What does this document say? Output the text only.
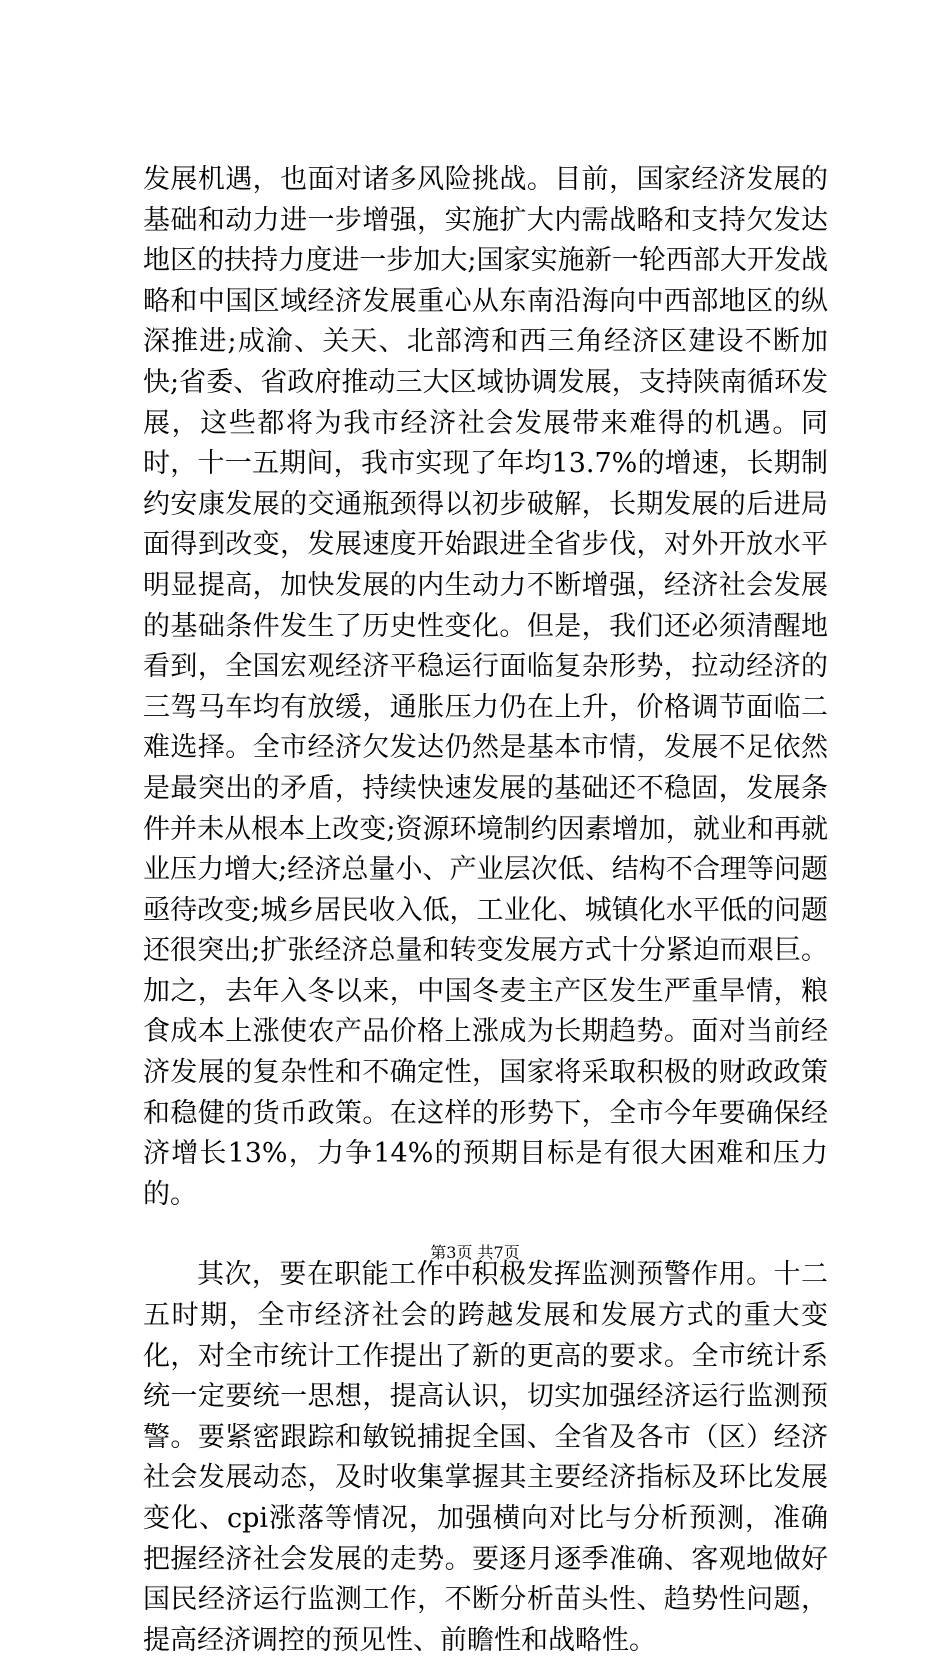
发展机遇，也面对诸多风险挑战。目前，国家经济发展的基础和动力进一步增强，实施扩大内需战略和支持欠发达地区的扶持力度进一步加大;国家实施新一轮西部大开发战略和中国区域经济发展重心从东南沿海向中西部地区的纵深推进;成渝、关天、北部湾和西三角经济区建设不断加快;省委、省政府推动三大区域协调发展，支持陕南循环发展，这些都将为我市经济社会发展带来难得的机遇。同时，十一五期间，我市实现了年均13.7%的增速，长期制约安康发展的交通瓶颈得以初步破解，长期发展的后进局面得到改变，发展速度开始跟进全省步伐，对外开放水平明显提高，加快发展的内生动力不断增强，经济社会发展的基础条件发生了历史性变化。但是，我们还必须清醒地看到，全国宏观经济平稳运行面临复杂形势，拉动经济的三驾马车均有放缓，通胀压力仍在上升，价格调节面临二难选择。全市经济欠发达仍然是基本市情，发展不足依然是最突出的矛盾，持续快速发展的基础还不稳固，发展条件并未从根本上改变;资源环境制约因素增加，就业和再就业压力增大;经济总量小、产业层次低、结构不合理等问题亟待改变;城乡居民收入低，工业化、城镇化水平低的问题还很突出;扩张经济总量和转变发展方式十分紧迫而艰巨。加之，去年入冬以来，中国冬麦主产区发生严重旱情，粮食成本上涨使农产品价格上涨成为长期趋势。面对当前经济发展的复杂性和不确定性，国家将采取积极的财政政策和稳健的货币政策。在这样的形势下，全市今年要确保经济增长13%，力争14%的预期目标是有很大困难和压力的。

其次，要在职能工作中积极发挥监测预警作用。十二五时期，全市经济社会的跨越发展和发展方式的重大变化，对全市统计工作提出了新的更高的要求。全市统计系统一定要统一思想，提高认识，切实加强经济运行监测预警。要紧密跟踪和敏锐捕捉全国、全省及各市（区）经济社会发展动态，及时收集掌握其主要经济指标及环比发展变化、cpi涨落等情况，加强横向对比与分析预测，准确把握经济社会发展的走势。要逐月逐季准确、客观地做好国民经济运行监测工作，不断分析苗头性、趋势性问题，提高经济调控的预见性、前瞻性和战略性。

第3页 共7页
